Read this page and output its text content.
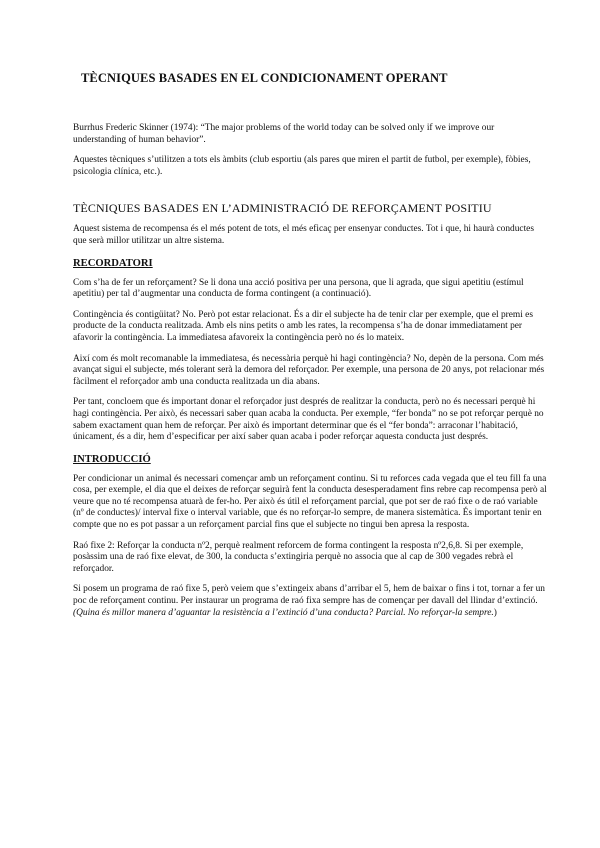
TÈCNIQUES BASADES EN EL CONDICIONAMENT OPERANT

Burrhus Frederic Skinner (1974): “The major problems of the world today can be solved only if we improve our understanding of human behavior”.

Aquestes tècniques s’utilitzen a tots els àmbits (club esportiu (als pares que miren el partit de futbol, per exemple), fòbies, psicologia clínica, etc.).

TÈCNIQUES BASADES EN L’ADMINISTRACIÓ DE REFORÇAMENT POSITIU

Aquest sistema de recompensa és el més potent de tots, el més eficaç per ensenyar conductes. Tot i que, hi haurà conductes que serà millor utilitzar un altre sistema.

RECORDATORI

Com s’ha de fer un reforçament? Se li dona una acció positiva per una persona, que li agrada, que sigui apetitiu (estímul apetitiu) per tal d’augmentar una conducta de forma contingent (a continuació).

Contingència és contigüitat? No. Però pot estar relacionat. És a dir el subjecte ha de tenir clar per exemple, que el premi es producte de la conducta realitzada. Amb els nins petits o amb les rates, la recompensa s’ha de donar immediatament per afavorir la contingència. La immediatesa afavoreix la contingència però no és lo mateix.

Així com és molt recomanable la immediatesa, és necessària perquè hi hagi contingència? No, depèn de la persona. Com més avançat sigui el subjecte, més tolerant serà la demora del reforçador. Per exemple, una persona de 20 anys, pot relacionar més fàcilment el reforçador amb una conducta realitzada un dia abans.

Per tant, concloem que és important donar el reforçador just després de realitzar la conducta, però no és necessari perquè hi hagi contingència. Per això, és necessari saber quan acaba la conducta. Per exemple, “fer bonda” no se pot reforçar perquè no sabem exactament quan hem de reforçar. Per això és important determinar que és el “fer bonda”: arraconar l’habitació, únicament, és a dir, hem d’especificar per així saber quan acaba i poder reforçar aquesta conducta just després.

INTRODUCCIÓ

Per condicionar un animal és necessari començar amb un reforçament continu. Si tu reforces cada vegada que el teu fill fa una cosa, per exemple, el dia que el deixes de reforçar seguirà fent la conducta desesperadament fins rebre cap recompensa però al veure que no té recompensa atuarà de fer-ho. Per això és útil el reforçament parcial, que pot ser de raó fixe o de raó variable (nº de conductes)/ interval fixe o interval variable, que és no reforçar-lo sempre, de manera sistemàtica. És important tenir en compte que no es pot passar a un reforçament parcial fins que el subjecte no tingui ben apresa la resposta.

Raó fixe 2: Reforçar la conducta nº2, perquè realment reforcem de forma contingent la resposta nº2,6,8. Si per exemple, posàssim una de raó fixe elevat, de 300, la conducta s’extingiria perquè no associa que al cap de 300 vegades rebrà el reforçador.

Si posem un programa de raó fixe 5, però veiem que s’extingeix abans d’arribar el 5, hem de baixar o fins i tot, tornar a fer un poc de reforçament continu. Per instaurar un programa de raó fixa sempre has de començar per davall del llindar d’extinció. (Quina és millor manera d’aguantar la resistència a l’extinció d’una conducta? Parcial. No reforçar-la sempre.)
